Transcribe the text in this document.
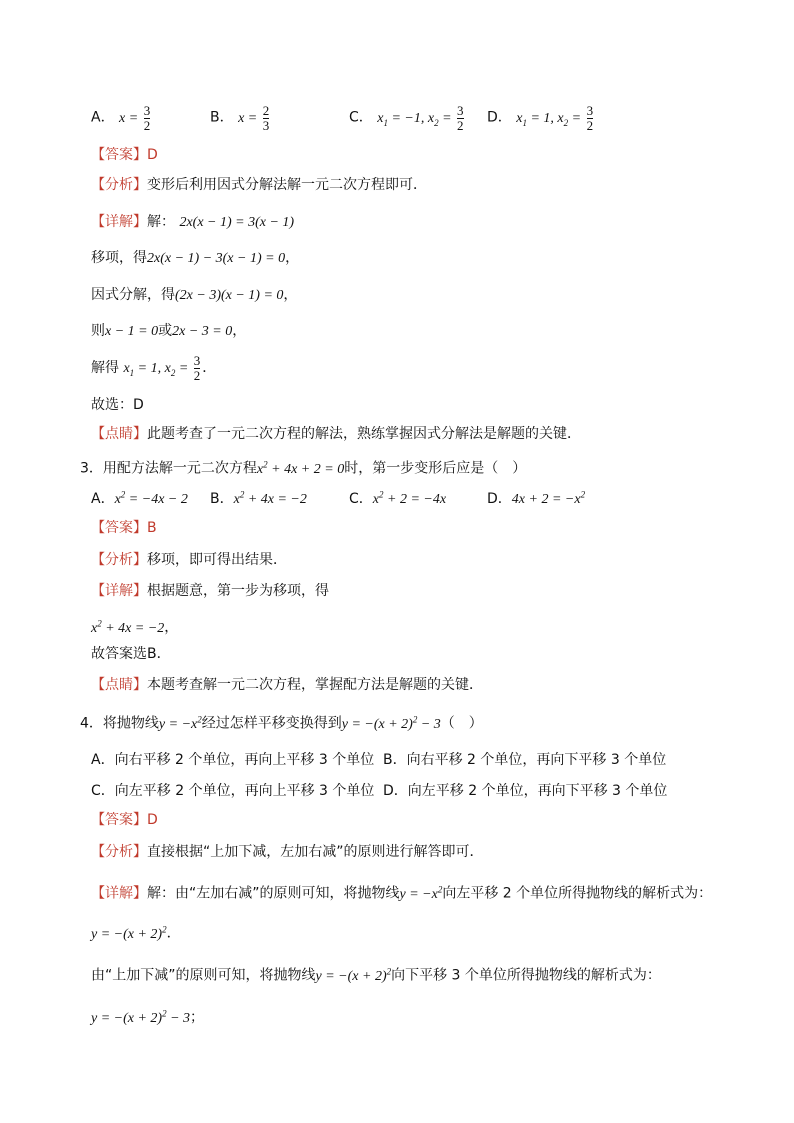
A． $x = \frac{3}{2}$	B． $x = \frac{2}{3}$	C． $x_1 = -1$, $x_2 = \frac{3}{2}$ D． $x_1 = 1$, $x_2 = \frac{3}{2}$
【答案】D
【分析】变形后利用因式分解法解一元二次方程即可．
【详解】解： 2x(x − 1) = 3(x − 1)
移项，得2x(x − 1) − 3(x − 1) = 0，
因式分解，得(2x − 3)(x − 1) = 0，
则x − 1 = 0或2x − 3 = 0，
解得 $x_1 = 1$, $x_2 = \frac{3}{2}$ ．
故选：D
【点睛】此题考查了一元二次方程的解法，熟练掌握因式分解法是解题的关键．
3．用配方法解一元二次方程$x^2 + 4x + 2 = 0$时，第一步变形后应是（　）
A．$x^2 = -4x - 2$ B．$x^2 + 4x = -2$	C．$x^2 + 2 = -4x$	D．$4x + 2 = -x^2$
【答案】B
【分析】移项，即可得出结果．
【详解】根据题意，第一步为移项，得
$x^2 + 4x = -2$，
故答案选B．
【点睛】本题考查解一元二次方程，掌握配方法是解题的关键．
4．将抛物线$y = -x^2$经过怎样平移变换得到$y = -(x + 2)^2 - 3$（　）
A．向右平移 2 个单位，再向上平移 3 个单位 B．向右平移 2 个单位，再向下平移 3 个单位
C．向左平移 2 个单位，再向上平移 3 个单位 D．向左平移 2 个单位，再向下平移 3 个单位
【答案】D
【分析】直接根据“上加下减，左加右减”的原则进行解答即可．
【详解】解：由“左加右减”的原则可知，将抛物线$y = -x^2$向左平移 2 个单位所得抛物线的解析式为：
$y = -(x + 2)^2$．
由“上加下减”的原则可知，将抛物线$y = -(x + 2)^2$向下平移 3 个单位所得抛物线的解析式为：
$y = -(x + 2)^2 - 3$；
